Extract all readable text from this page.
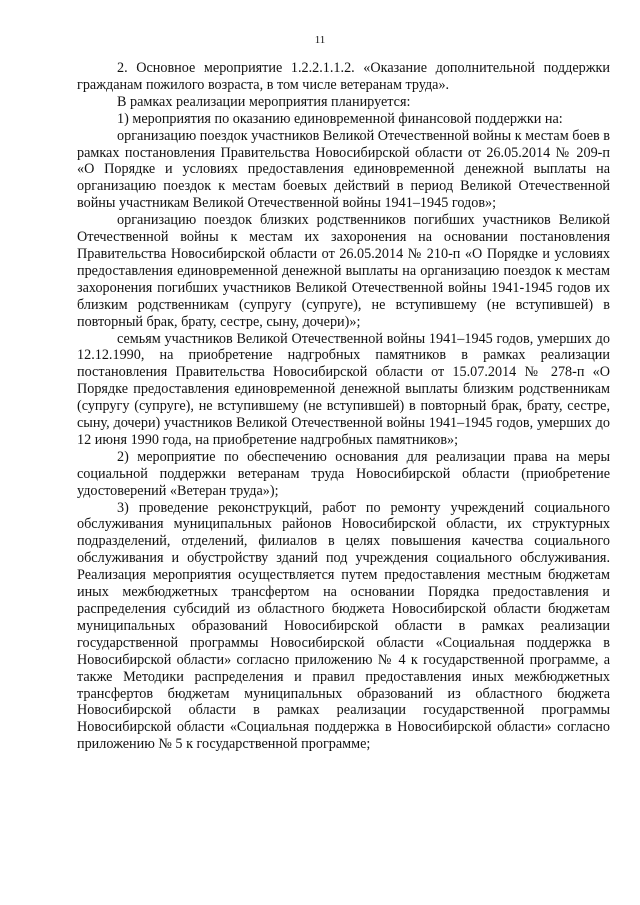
11

2. Основное мероприятие 1.2.2.1.1.2. «Оказание дополнительной поддержки гражданам пожилого возраста, в том числе ветеранам труда».

В рамках реализации мероприятия планируется:

1) мероприятия по оказанию единовременной финансовой поддержки на:

организацию поездок участников Великой Отечественной войны к местам боев в рамках постановления Правительства Новосибирской области от 26.05.2014 № 209-п «О Порядке и условиях предоставления единовременной денежной выплаты на организацию поездок к местам боевых действий в период Великой Отечественной войны участникам Великой Отечественной войны 1941–1945 годов»;

организацию поездок близких родственников погибших участников Великой Отечественной войны к местам их захоронения на основании постановления Правительства Новосибирской области от 26.05.2014 № 210-п «О Порядке и условиях предоставления единовременной денежной выплаты на организацию поездок к местам захоронения погибших участников Великой Отечественной войны 1941-1945 годов их близким родственникам (супругу (супруге), не вступившему (не вступившей) в повторный брак, брату, сестре, сыну, дочери)»;

семьям участников Великой Отечественной войны 1941–1945 годов, умерших до 12.12.1990, на приобретение надгробных памятников в рамках реализации постановления Правительства Новосибирской области от 15.07.2014 № 278-п «О Порядке предоставления единовременной денежной выплаты близким родственникам (супругу (супруге), не вступившему (не вступившей) в повторный брак, брату, сестре, сыну, дочери) участников Великой Отечественной войны 1941–1945 годов, умерших до 12 июня 1990 года, на приобретение надгробных памятников»;

2) мероприятие по обеспечению основания для реализации права на меры социальной поддержки ветеранам труда Новосибирской области (приобретение удостоверений «Ветеран труда»);

3) проведение реконструкций, работ по ремонту учреждений социального обслуживания муниципальных районов Новосибирской области, их структурных подразделений, отделений, филиалов в целях повышения качества социального обслуживания и обустройству зданий под учреждения социального обслуживания. Реализация мероприятия осуществляется путем предоставления местным бюджетам иных межбюджетных трансфертом на основании Порядка предоставления и распределения субсидий из областного бюджета Новосибирской области бюджетам муниципальных образований Новосибирской области в рамках реализации государственной программы Новосибирской области «Социальная поддержка в Новосибирской области» согласно приложению № 4 к государственной программе, а также Методики распределения и правил предоставления иных межбюджетных трансфертов бюджетам муниципальных образований из областного бюджета Новосибирской области в рамках реализации государственной программы Новосибирской области «Социальная поддержка в Новосибирской области» согласно приложению № 5 к государственной программе;
